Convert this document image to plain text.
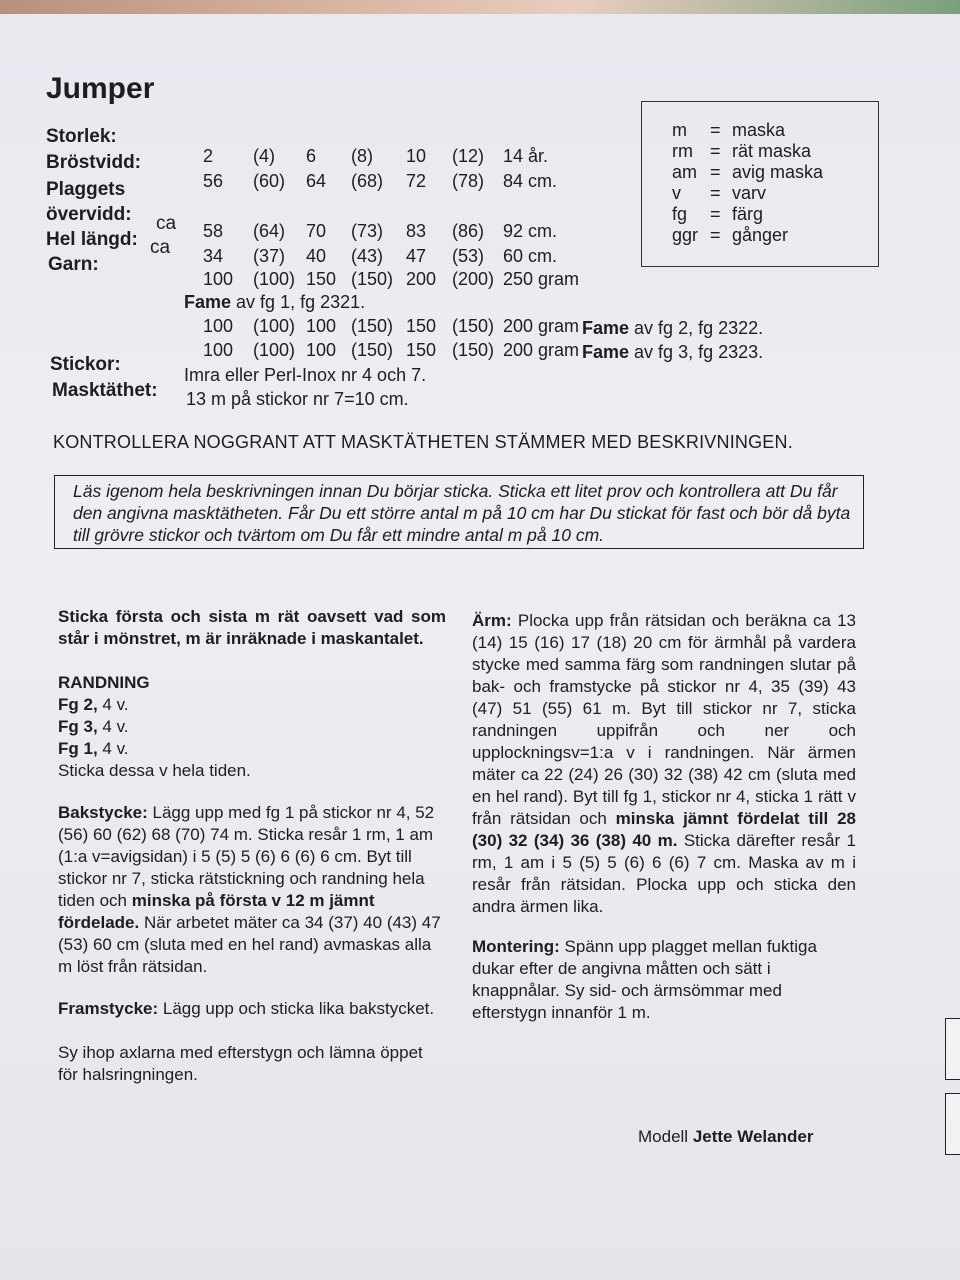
Jumper
Storlek:
Bröstvidd:
Plaggets
övervidd: ca
Hel längd: ca
Garn:
Stickor:
Masktäthet:
2 (4) 6 (8) 10 (12) 14 år.
56 (60) 64 (68) 72 (78) 84 cm.
58 (64) 70 (73) 83 (86) 92 cm.
34 (37) 40 (43) 47 (53) 60 cm.
100 (100) 150 (150) 200 (200) 250 gram
Fame av fg 1, fg 2321.
100 (100) 100 (150) 150 (150) 200 gram Fame av fg 2, fg 2322.
100 (100) 100 (150) 150 (150) 200 gram Fame av fg 3, fg 2323.
Imra eller Perl-Inox nr 4 och 7.
13 m på stickor nr 7=10 cm.
m = maska
rm = rät maska
am = avig maska
v = varv
fg = färg
ggr = gånger
KONTROLLERA NOGGRANT ATT MASKTÄTHETEN STÄMMER MED BESKRIVNINGEN.
Läs igenom hela beskrivningen innan Du börjar sticka. Sticka ett litet prov och kontrollera att Du får den angivna masktätheten. Får Du ett större antal m på 10 cm har Du stickat för fast och bör då byta till grövre stickor och tvärtom om Du får ett mindre antal m på 10 cm.

Sticka första och sista m rät oavsett vad som står i mönstret, m är inräknade i maskantalet.

RANDNING

Fg 2, 4 v.

Fg 3, 4 v.

Fg 1, 4 v.

Sticka dessa v hela tiden.

Bakstycke: Lägg upp med fg 1 på stickor nr 4, 52 (56) 60 (62) 68 (70) 74 m. Sticka resår 1 rm, 1 am (1:a v=avigsidan) i 5 (5) 5 (6) 6 (6) 6 cm. Byt till stickor nr 7, sticka rätstickning och randning hela tiden och minska på första v 12 m jämnt fördelade. När arbetet mäter ca 34 (37) 40 (43) 47 (53) 60 cm (sluta med en hel rand) avmaskas alla m löst från rätsidan.

Framstycke: Lägg upp och sticka lika bakstycket.

Sy ihop axlarna med efterstygn och lämna öppet för halsringningen.

Ärm: Plocka upp från rätsidan och beräkna ca 13 (14) 15 (16) 17 (18) 20 cm för ärmhål på vardera stycke med samma färg som randningen slutar på bak- och framstycke på stickor nr 4, 35 (39) 43 (47) 51 (55) 61 m. Byt till stickor nr 7, sticka randningen uppifrån och ner och upplockningsv=1:a v i randningen. När ärmen mäter ca 22 (24) 26 (30) 32 (38) 42 cm (sluta med en hel rand). Byt till fg 1, stickor nr 4, sticka 1 rätt v från rätsidan och minska jämnt fördelat till 28 (30) 32 (34) 36 (38) 40 m. Sticka därefter resår 1 rm, 1 am i 5 (5) 5 (6) 6 (6) 7 cm. Maska av m i resår från rätsidan. Plocka upp och sticka den andra ärmen lika.

Montering: Spänn upp plagget mellan fuktiga dukar efter de angivna måtten och sätt i knappnålar. Sy sid- och ärmsömmar med efterstygn innanför 1 m.

Modell Jette Welander
